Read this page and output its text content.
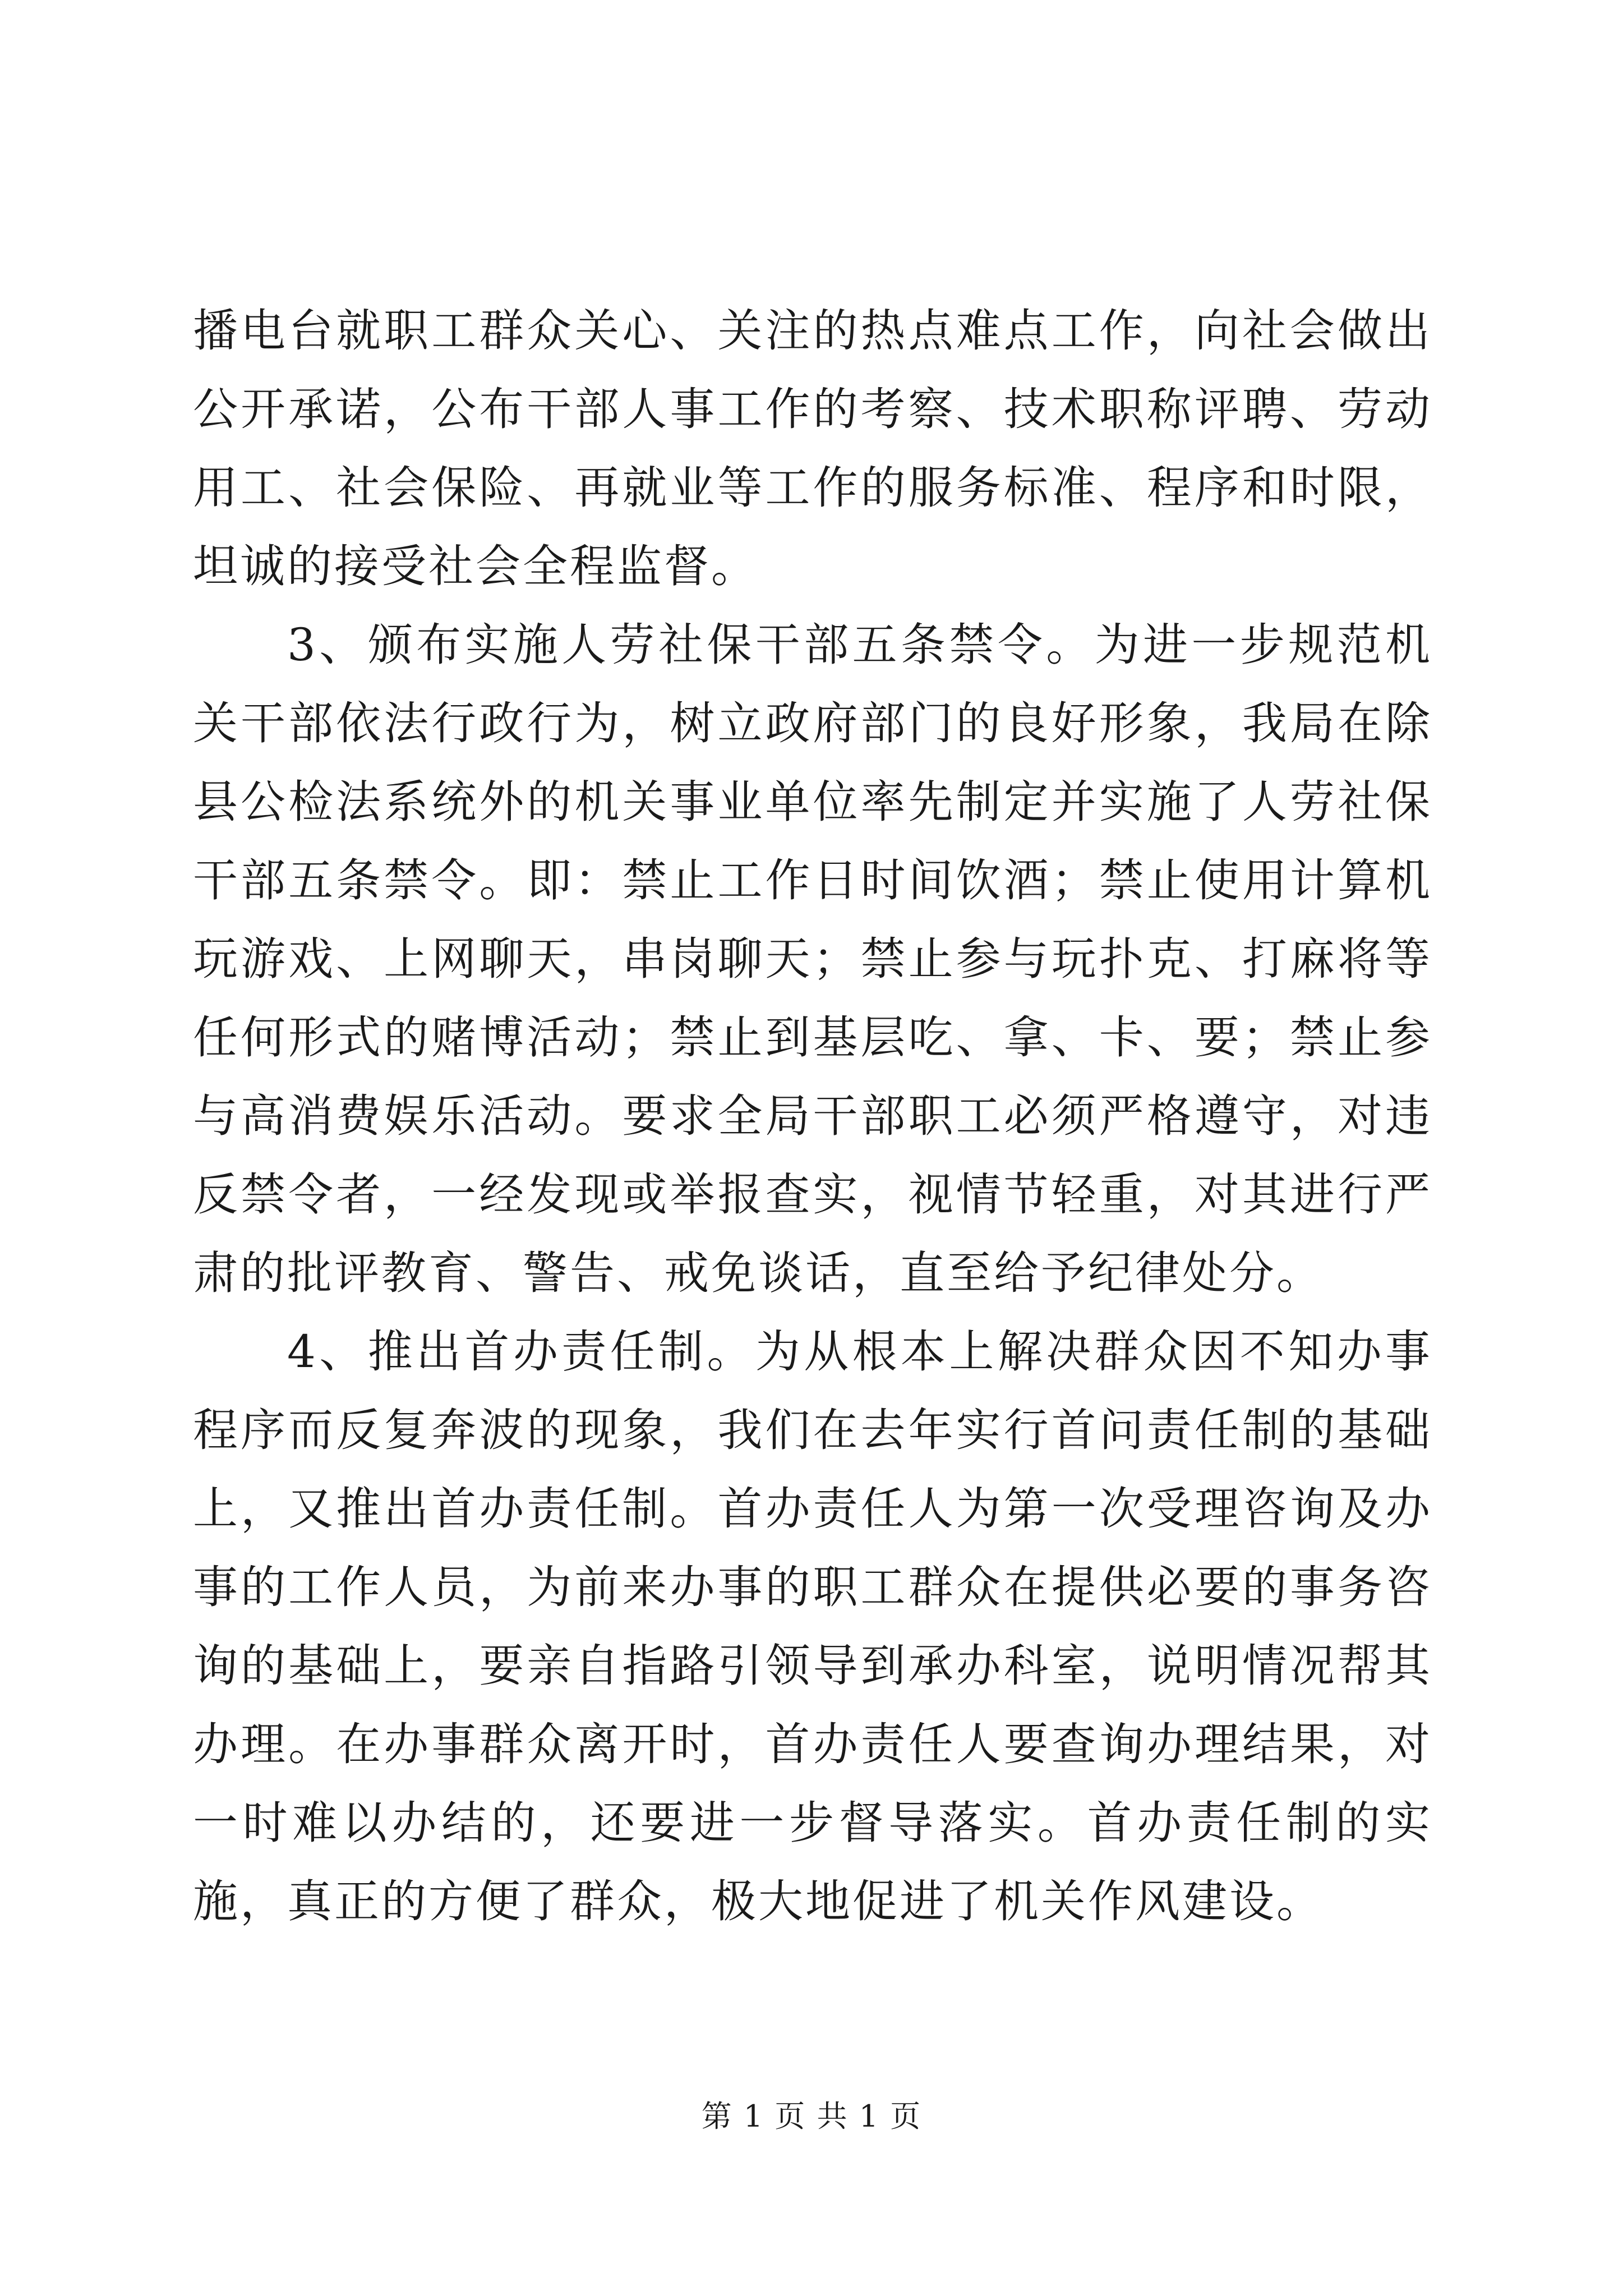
播电台就职工群众关心、关注的热点难点工作，向社会做出公开承诺，公布干部人事工作的考察、技术职称评聘、劳动用工、社会保险、再就业等工作的服务标准、程序和时限，坦诚的接受社会全程监督。

3、颁布实施人劳社保干部五条禁令。为进一步规范机关干部依法行政行为，树立政府部门的良好形象，我局在除县公检法系统外的机关事业单位率先制定并实施了人劳社保干部五条禁令。即：禁止工作日时间饮酒；禁止使用计算机玩游戏、上网聊天，串岗聊天；禁止参与玩扑克、打麻将等任何形式的赌博活动；禁止到基层吃、拿、卡、要；禁止参与高消费娱乐活动。要求全局干部职工必须严格遵守，对违反禁令者，一经发现或举报查实，视情节轻重，对其进行严肃的批评教育、警告、戒免谈话，直至给予纪律处分。

4、推出首办责任制。为从根本上解决群众因不知办事程序而反复奔波的现象，我们在去年实行首问责任制的基础上，又推出首办责任制。首办责任人为第一次受理咨询及办事的工作人员，为前来办事的职工群众在提供必要的事务咨询的基础上，要亲自指路引领导到承办科室，说明情况帮其办理。在办事群众离开时，首办责任人要查询办理结果，对一时难以办结的，还要进一步督导落实。首办责任制的实施，真正的方便了群众，极大地促进了机关作风建设。

第 1 页 共 1 页
